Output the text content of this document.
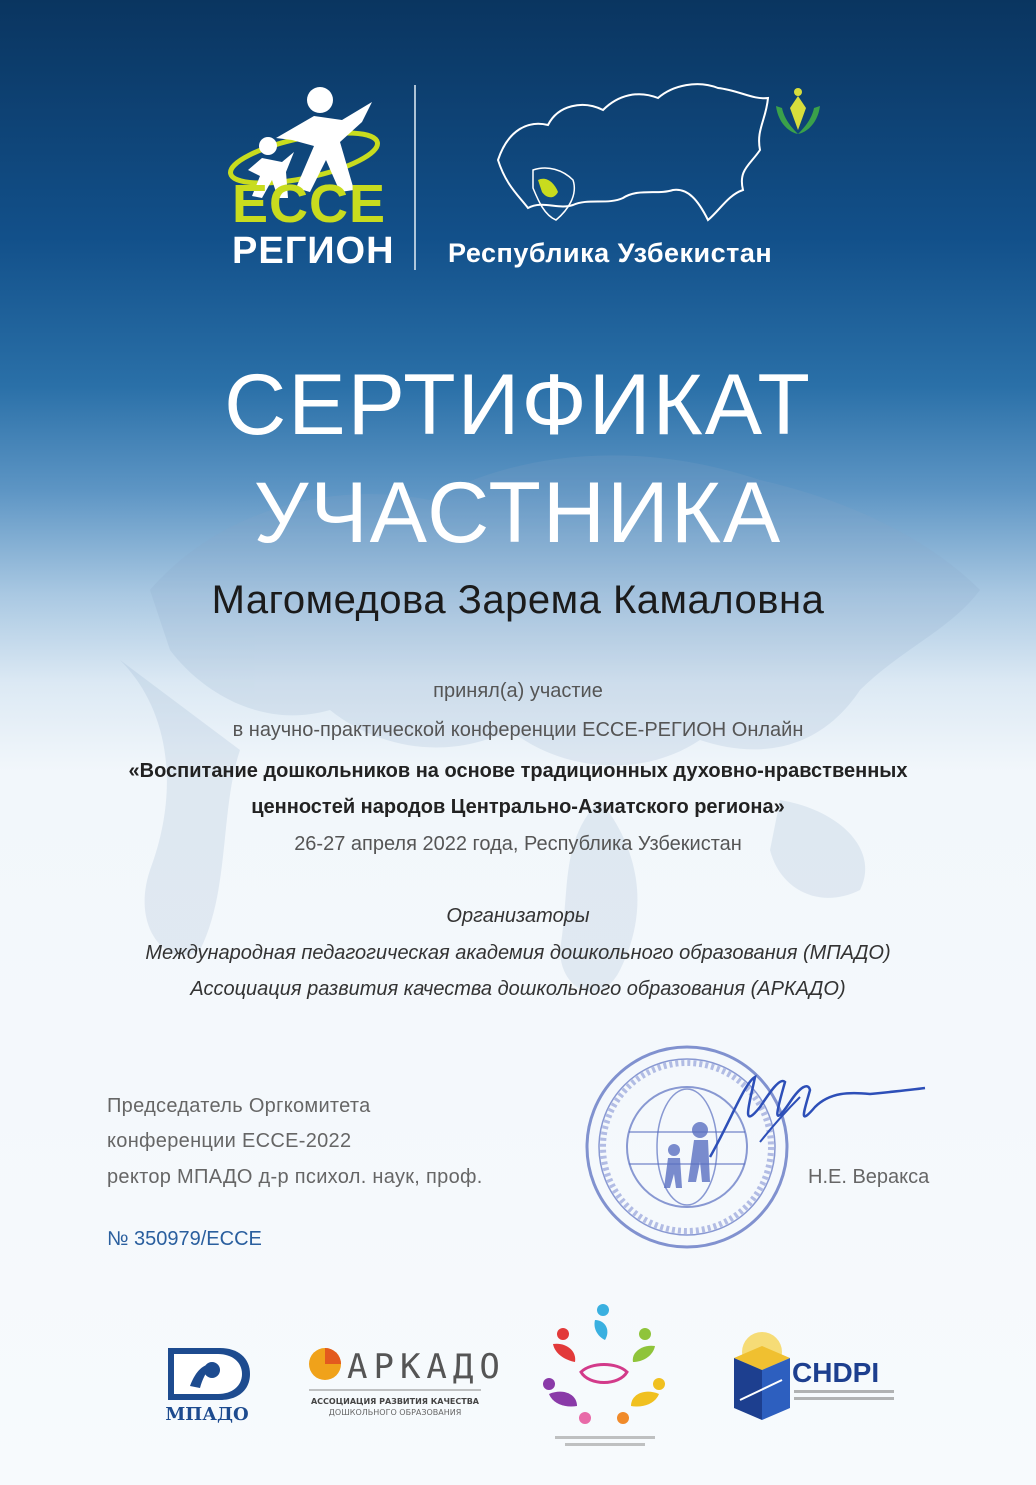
ECCE
РЕГИОН Республика Узбекистан
СЕРТИФИКАТ
УЧАСТНИКА
Магомедова Зарема Камаловна
принял(а) участие
в научно-практической конференции ECCE-РЕГИОН Онлайн
«Воспитание дошкольников на основе традиционных духовно-нравственных
ценностей народов Центрально-Азиатского региона»
26-27 апреля 2022 года, Республика Узбекистан
Организаторы
Международная педагогическая академия дошкольного образования (МПАДО)
Ассоциация развития качества дошкольного образования (АРКАДО)
Председатель Оргкомитета
конференции ECCE-2022
ректор МПАДО д-р психол. наук, проф.	Н.Е. Веракса
№ 350979/ECCE
МПАДО
АРКАДО
АССОЦИАЦИЯ РАЗВИТИЯ КАЧЕСТВА
ДОШКОЛЬНОГО ОБРАЗОВАНИЯ
CHDPI
